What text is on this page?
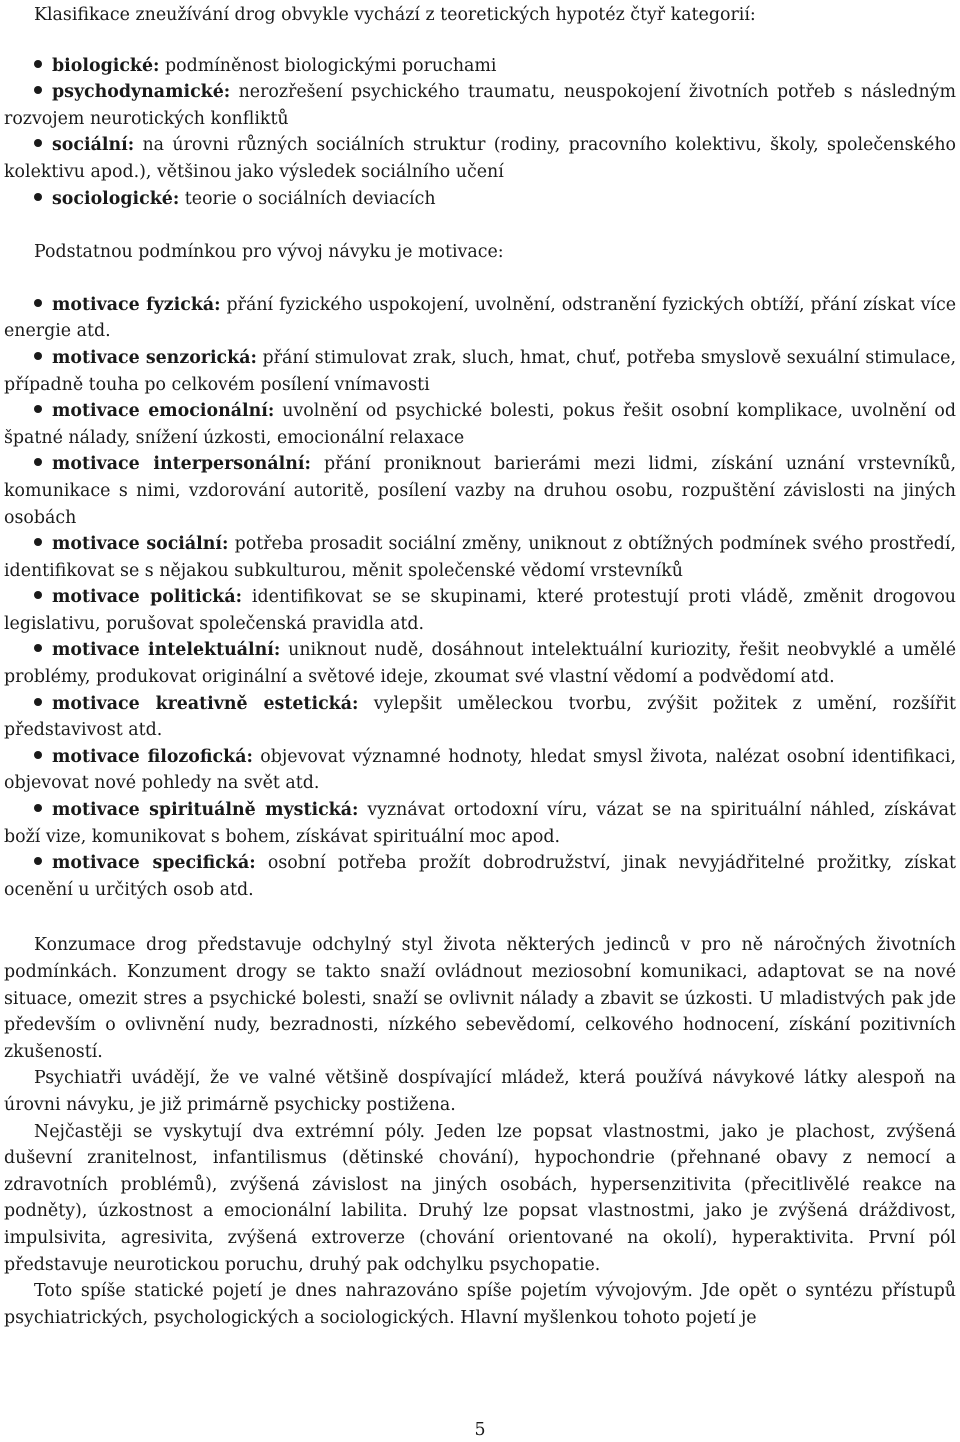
Klasifikace zneužívání drog obvykle vychází z teoretických hypotéz čtyř kategorií:

biologické: podmíněnost biologickými poruchami
psychodynamické: nerozřešení psychického traumatu, neuspokojení životních potřeb s následným rozvojem neurotických konfliktů
sociální: na úrovni různých sociálních struktur (rodiny, pracovního kolektivu, školy, společenského kolektivu apod.), většinou jako výsledek sociálního učení
sociologické: teorie o sociálních deviacích

Podstatnou podmínkou pro vývoj návyku je motivace:

motivace fyzická: přání fyzického uspokojení, uvolnění, odstranění fyzických obtíží, přání získat více energie atd.
motivace senzorická: přání stimulovat zrak, sluch, hmat, chuť, potřeba smyslově sexuální stimulace, případně touha po celkovém posílení vnímavosti
motivace emocionální: uvolnění od psychické bolesti, pokus řešit osobní komplikace, uvolnění od špatné nálady, snížení úzkosti, emocionální relaxace
motivace interpersonální: přání proniknout barierámi mezi lidmi, získání uznání vrstevníků, komunikace s nimi, vzdorování autoritě, posílení vazby na druhou osobu, rozpuštění závislosti na jiných osobách
motivace sociální: potřeba prosadit sociální změny, uniknout z obtížných podmínek svého prostředí, identifikovat se s nějakou subkulturou, měnit společenské vědomí vrstevníků
motivace politická: identifikovat se se skupinami, které protestují proti vládě, změnit drogovou legislativu, porušovat společenská pravidla atd.
motivace intelektuální: uniknout nudě, dosáhnout intelektuální kuriozity, řešit neobvyklé a umělé problémy, produkovat originální a světové ideje, zkoumat své vlastní vědomí a podvědomí atd.
motivace kreativně estetická: vylepšit uměleckou tvorbu, zvýšit požitek z umění, rozšířit představivost atd.
motivace filozofická: objevovat významné hodnoty, hledat smysl života, nalézat osobní identifikaci, objevovat nové pohledy na svět atd.
motivace spirituálně mystická: vyznávat ortodoxní víru, vázat se na spirituální náhled, získávat boží vize, komunikovat s bohem, získávat spirituální moc apod.
motivace specifická: osobní potřeba prožít dobrodružství, jinak nevyjádřitelné prožitky, získat ocenění u určitých osob atd.

Konzumace drog představuje odchylný styl života některých jedinců v pro ně náročných životních podmínkách. Konzument drogy se takto snaží ovládnout meziosobní komunikaci, adaptovat se na nové situace, omezit stres a psychické bolesti, snaží se ovlivnit nálady a zbavit se úzkosti. U mladistvých pak jde především o ovlivnění nudy, bezradnosti, nízkého sebevědomí, celkového hodnocení, získání pozitivních zkušeností.

Psychiatři uvádějí, že ve valné většině dospívající mládež, která používá návykové látky alespoň na úrovni návyku, je již primárně psychicky postižena.

Nejčastěji se vyskytují dva extrémní póly. Jeden lze popsat vlastnostmi, jako je plachost, zvýšená duševní zranitelnost, infantilismus (dětinské chování), hypochondrie (přehnané obavy z nemocí a zdravotních problémů), zvýšená závislost na jiných osobách, hypersenzitivita (přecitlivělé reakce na podněty), úzkostnost a emocionální labilita. Druhý lze popsat vlastnostmi, jako je zvýšená dráždivost, impulsivita, agresivita, zvýšená extroverze (chování orientované na okolí), hyperaktivita. První pól představuje neurotickou poruchu, druhý pak odchylku psychopatie.

Toto spíše statické pojetí je dnes nahrazováno spíše pojetím vývojovým. Jde opět o syntézu přístupů psychiatrických, psychologických a sociologických. Hlavní myšlenkou tohoto pojetí je

5
